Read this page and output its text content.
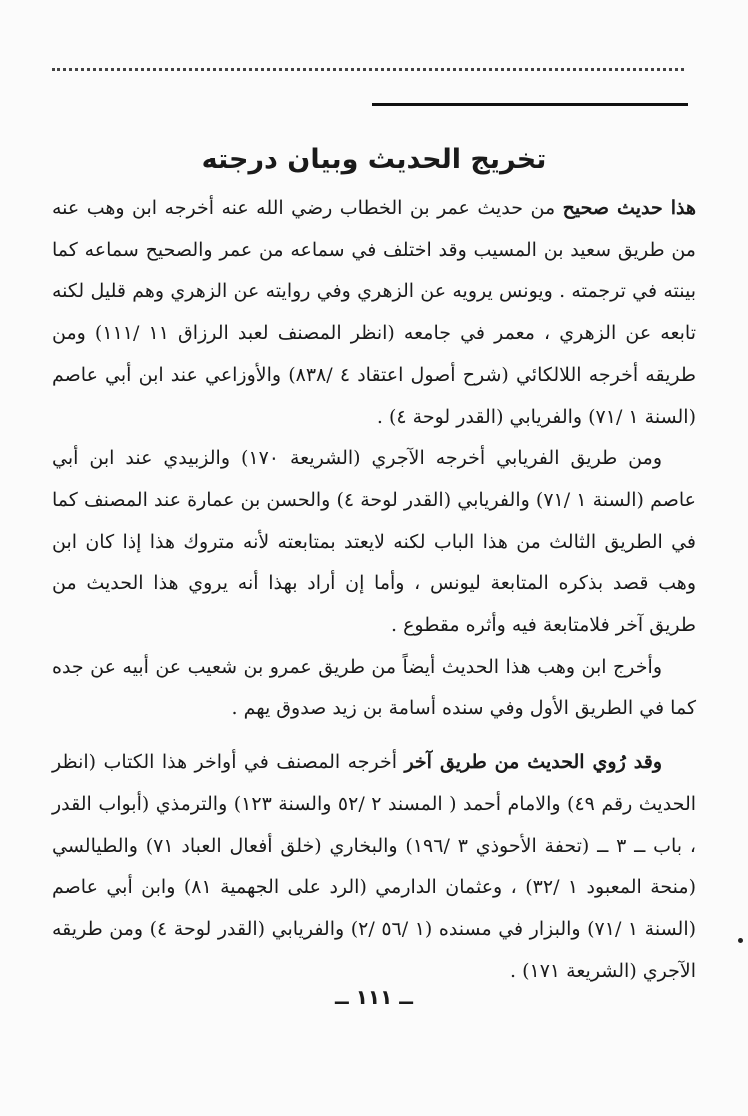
تخريج الحديث وبيان درجته

هذا حديث صحيح من حديث عمر بن الخطاب رضي الله عنه أخرجه ابن وهب عنه من طريق سعيد بن المسيب وقد اختلف في سماعه من عمر والصحيح سماعه كما بينته في ترجمته . ويونس يرويه عن الزهري وفي روايته عن الزهري وهم قليل لكنه تابعه عن الزهري ، معمر في جامعه (انظر المصنف لعبد الرزاق ١١ /١١١) ومن طريقه أخرجه اللالكائي (شرح أصول اعتقاد ٤ /٨٣٨) والأوزاعي عند ابن أبي عاصم (السنة ١ /٧١) والفريابي (القدر لوحة ٤) .

ومن طريق الفريابي أخرجه الآجري (الشريعة ١٧٠) والزبيدي عند ابن أبي عاصم (السنة ١ /٧١) والفريابي (القدر لوحة ٤) والحسن بن عمارة عند المصنف كما في الطريق الثالث من هذا الباب لكنه لايعتد بمتابعته لأنه متروك هذا إذا كان ابن وهب قصد بذكره المتابعة ليونس ، وأما إن أراد بهذا أنه يروي هذا الحديث من طريق آخر فلامتابعة فيه وأثره مقطوع .

وأخرج ابن وهب هذا الحديث أيضاً من طريق عمرو بن شعيب عن أبيه عن جده كما في الطريق الأول وفي سنده أسامة بن زيد صدوق يهم .

وقد رُوي الحديث من طريق آخر أخرجه المصنف في أواخر هذا الكتاب (انظر الحديث رقم ٤٩) والامام أحمد ( المسند ٢ /٥٢ والسنة ١٢٣) والترمذي (أبواب القدر ، باب ــ ٣ ــ (تحفة الأحوذي ٣ /١٩٦) والبخاري (خلق أفعال العباد ٧١) والطيالسي (منحة المعبود ١ /٣٢) ، وعثمان الدارمي (الرد على الجهمية ٨١) وابن أبي عاصم (السنة ١ /٧١) والبزار في مسنده (١ /٥٦ /٢) والفريابي (القدر لوحة ٤) ومن طريقه الآجري (الشريعة ١٧١) .

ــ ١١١ ــ
